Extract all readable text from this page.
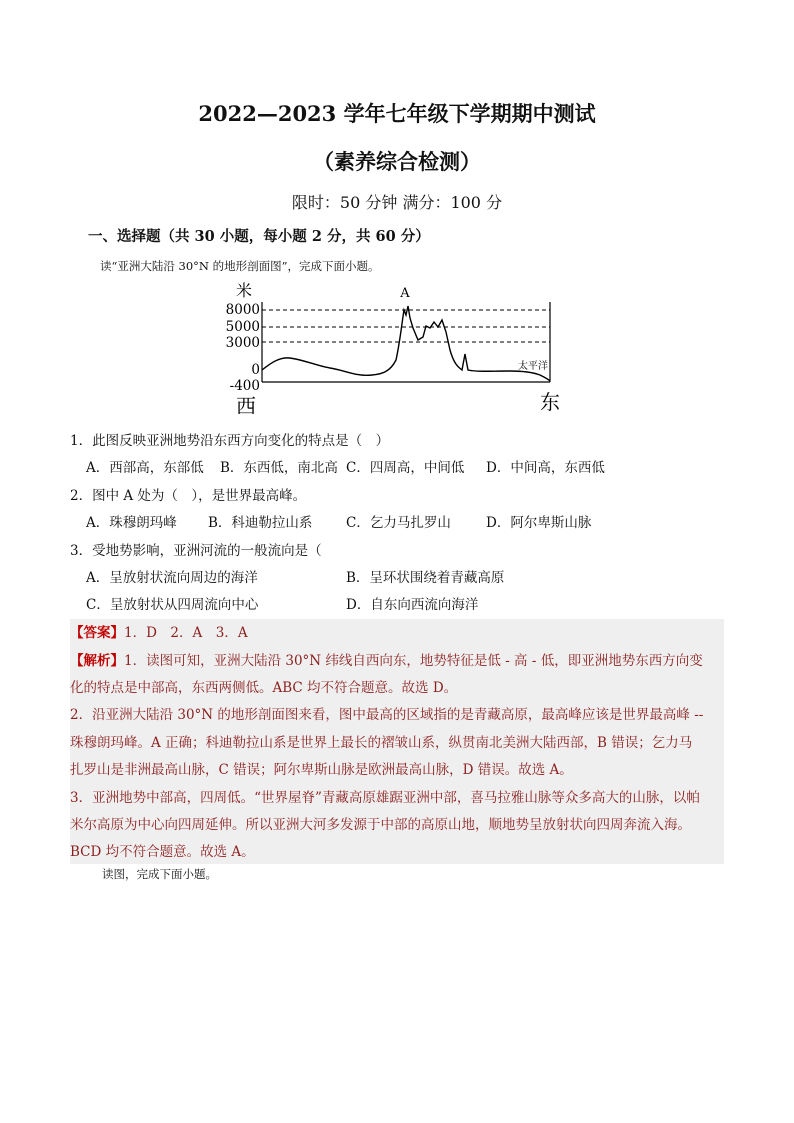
2022—2023 学年七年级下学期期中测试
（素养综合检测）
限时：50 分钟 满分：100 分
一、选择题（共 30 小题，每小题 2 分，共 60 分）
读“亚洲大陆沿 30°N 的地形剖面图”，完成下面小题。
米	A
8000
5000
3000
0
-400
太平洋
西	东
1．此图反映亚洲地势沿东西方向变化的特点是（　）
A．西部高，东部低 B．东西低，南北高 C．四周高，中间低 D．中间高，东西低
2．图中 A 处为（　），是世界最高峰。
A．珠穆朗玛峰 B．科迪勒拉山系 C．乞力马扎罗山	D．阿尔卑斯山脉
3．受地势影响，亚洲河流的一般流向是（
A．呈放射状流向周边的海洋	B．呈环状围绕着青藏高原
C．呈放射状从四周流向中心	D．自东向西流向海洋
【答案】1．D　2．A　3．A
【解析】1．读图可知，亚洲大陆沿 30°N 纬线自西向东，地势特征是低 - 高 - 低，即亚洲地势东西方向变
化的特点是中部高，东西两侧低。ABC 均不符合题意。故选 D。
2．沿亚洲大陆沿 30°N 的地形剖面图来看，图中最高的区域指的是青藏高原，最高峰应该是世界最高峰 --
珠穆朗玛峰。A 正确；科迪勒拉山系是世界上最长的褶皱山系，纵贯南北美洲大陆西部，B 错误；乞力马
扎罗山是非洲最高山脉，C 错误；阿尔卑斯山脉是欧洲最高山脉，D 错误。故选 A。
3．亚洲地势中部高，四周低。“世界屋脊”青藏高原雄踞亚洲中部，喜马拉雅山脉等众多高大的山脉，以帕
米尔高原为中心向四周延伸。所以亚洲大河多发源于中部的高原山地，顺地势呈放射状向四周奔流入海。
BCD 均不符合题意。故选 A。
读图，完成下面小题。
